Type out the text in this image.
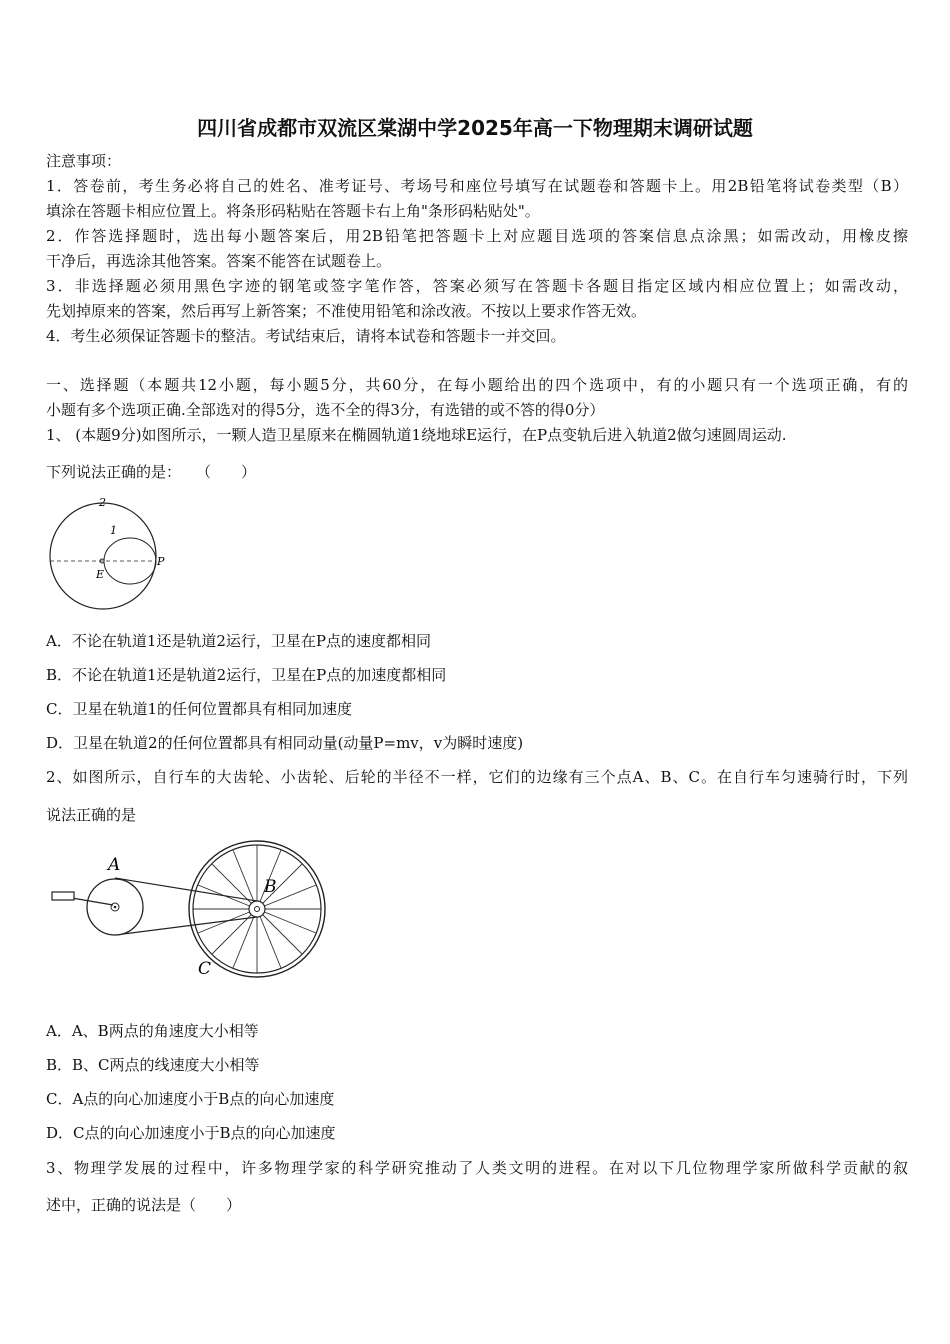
四川省成都市双流区棠湖中学2025年高一下物理期末调研试题
注意事项：
1．答卷前，考生务必将自己的姓名、准考证号、考场号和座位号填写在试题卷和答题卡上。用2B铅笔将试卷类型（B）
填涂在答题卡相应位置上。将条形码粘贴在答题卡右上角"条形码粘贴处"。
2．作答选择题时，选出每小题答案后，用2B铅笔把答题卡上对应题目选项的答案信息点涂黑；如需改动，用橡皮擦
干净后，再选涂其他答案。答案不能答在试题卷上。
3．非选择题必须用黑色字迹的钢笔或签字笔作答，答案必须写在答题卡各题目指定区域内相应位置上；如需改动，
先划掉原来的答案，然后再写上新答案；不准使用铅笔和涂改液。不按以上要求作答无效。
4．考生必须保证答题卡的整洁。考试结束后，请将本试卷和答题卡一并交回。
一、选择题（本题共12小题，每小题5分，共60分，在每小题给出的四个选项中，有的小题只有一个选项正确，有的
小题有多个选项正确.全部选对的得5分，选不全的得3分，有选错的或不答的得0分）
1、 (本题9分)如图所示，一颗人造卫星原来在椭圆轨道1绕地球E运行，在P点变轨后进入轨道2做匀速圆周运动.
下列说法正确的是：　　（　　）
2
1
E
P
A．不论在轨道1还是轨道2运行，卫星在P点的速度都相同
B．不论在轨道1还是轨道2运行，卫星在P点的加速度都相同
C．卫星在轨道1的任何位置都具有相同加速度
D．卫星在轨道2的任何位置都具有相同动量(动量P=mv，v为瞬时速度)
2、如图所示，自行车的大齿轮、小齿轮、后轮的半径不一样，它们的边缘有三个点A、B、C。在自行车匀速骑行时，下列
说法正确的是
A
B
C
A．A、B两点的角速度大小相等
B．B、C两点的线速度大小相等
C．A点的向心加速度小于B点的向心加速度
D．C点的向心加速度小于B点的向心加速度
3、物理学发展的过程中，许多物理学家的科学研究推动了人类文明的进程。在对以下几位物理学家所做科学贡献的叙
述中，正确的说法是（　　）
